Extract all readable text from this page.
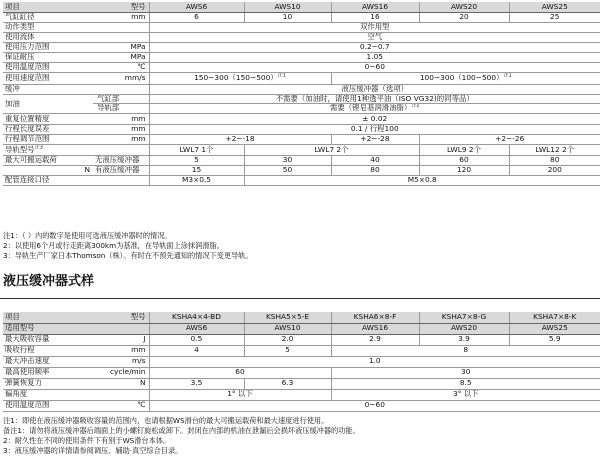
项目	型号	AWS6	AWS10	AWS16	AWS20	AWS25
气缸缸径	mm	6	10	16	20	25
动作类型		双作用型				
使用流体		空气				
使用压力范围	MPa	0.2~0.7				
保证耐压	MPa	1.05				
使用温度范围	℃	0~60				
使用速度范围	mm/s	150~300（150~500）$^{注1}$		100~300（100~500）$^{注1}$
缓冲		液压缓冲器（选项）				
加油	气缸部	不需要（加油时，请使用1种透平油（ISO VG32)的同等品）				
	导轨部	需要（锂皂基润滑油脂）$^{注2}$
重复位置精度	mm	± 0.02				
行程长度误差	mm	0.1 / 行程100				
行程调节范围	mm	+2~-18		+2~-28	+2~-26	
导轨型号$^{注3}$		LWL7 1个	LWL7 2个		LWL9 2个	LWL12 2个
最大可搬运载荷	无液压缓冲器	5	30	40	60	80
N	有液压缓冲器	15	50	80	120	200
配管连接口径		M3×0.5	M5×0.8			
注1：（ ）内的数字是使用可选液压缓冲器时的情况。
2：以使用6个月或行走距离300km为基准，在导轨面上涂抹润滑脂。
3：导轨生产厂家日本Thomson（株）。有时在不预先通知的情况下变更导轨。
液压缓冲器式样
项目	型号	KSHA4×4-BD	KSHA5×5-E	KSHA6×8-F	KSHA7×8-G	KSHA7×8-K
适用型号		AWS6	AWS10	AWS16	AWS20	AWS25
最大吸收容量	J	0.5	2.0	2.9	3.9	5.9
吸收行程	mm	4	5	8		
最大冲击速度	m/s	1.0				
最高使用频率	cycle/min	60		30		
弹簧恢复力	N	3.5	6.3	8.5		
偏角度		1° 以下		3° 以下		
使用温度范围	℃	0~60				
注1：即使在液压缓冲器吸收容量的范围内，也请根据WS滑台的最大可搬运载荷和最大速度进行使用。
备注1：请勿将液压缓冲器后端面上的小螺钉旋松或卸下。封闭在内部的机油在泄漏后会损坏液压缓冲器的功能。
2：耐久性在不同的使用条件下有别于WS滑台本体。
3：液压缓冲器的详情请参阅调压、辅助·真空综合目录。
